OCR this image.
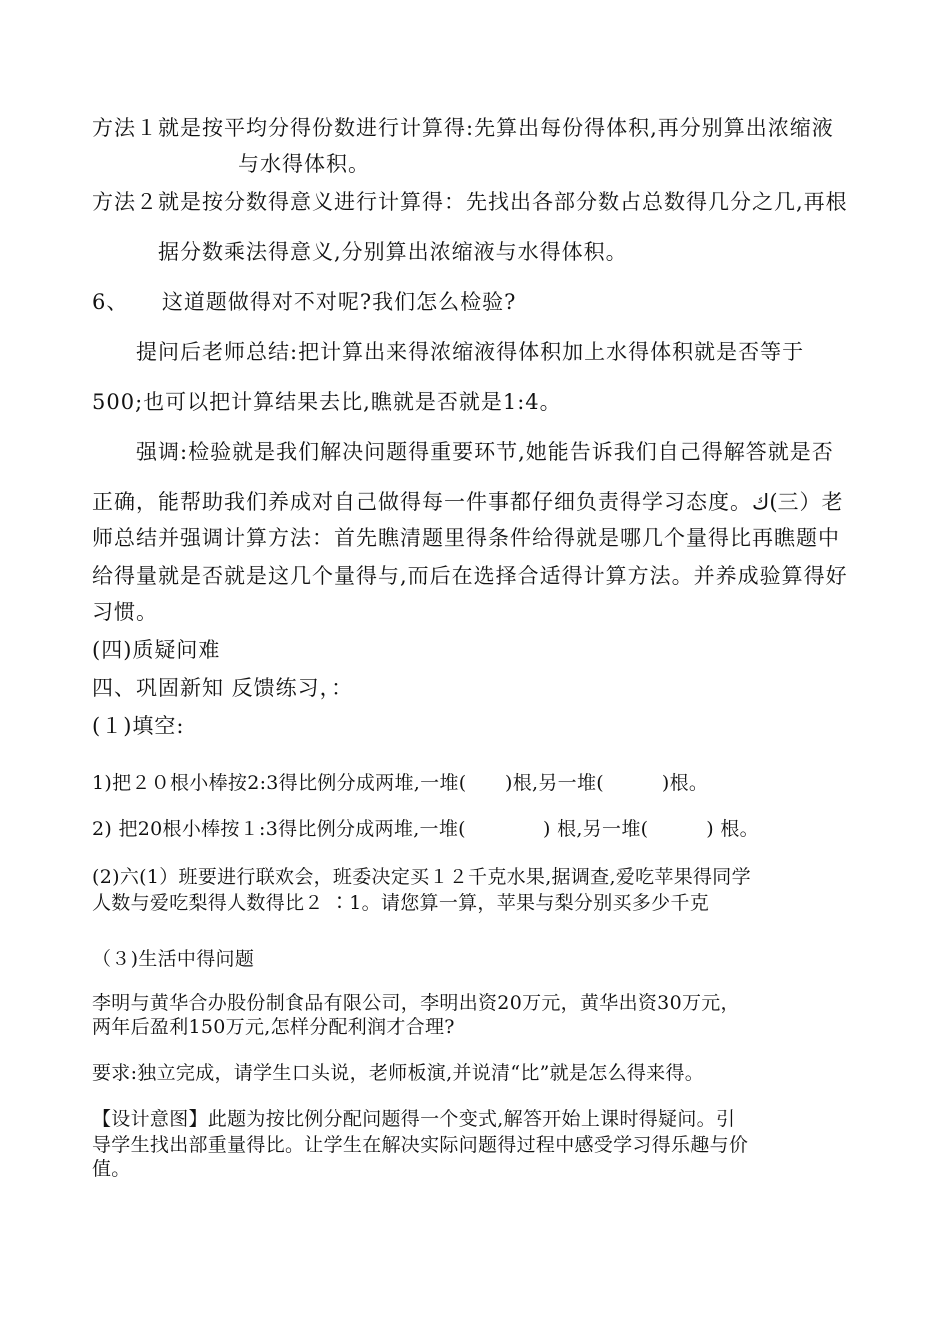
方法１就是按平均分得份数进行计算得:先算出每份得体积,再分别算出浓缩液

与水得体积。

方法２就是按分数得意义进行计算得：先找出各部分数占总数得几分之几,再根

据分数乘法得意义,分别算出浓缩液与水得体积。

6、　　这道题做得对不对呢?我们怎么检验?

提问后老师总结:把计算出来得浓缩液得体积加上水得体积就是否等于

500;也可以把计算结果去比,瞧就是否就是1:4。

强调:检验就是我们解决问题得重要环节,她能告诉我们自己得解答就是否

正确，能帮助我们养成对自己做得每一件事都仔细负责得学习态度。ك(三）老

师总结并强调计算方法：首先瞧清题里得条件给得就是哪几个量得比再瞧题中

给得量就是否就是这几个量得与,而后在选择合适得计算方法。并养成验算得好

习惯。

(四)质疑问难

四、巩固新知 反馈练习，：

(１)填空:

1)把２０根小棒按2:3得比例分成两堆,一堆(　　)根,另一堆(　　　)根。

2) 把20根小棒按１:3得比例分成两堆,一堆(　　　　) 根,另一堆(　　　) 根。

(2)六(1）班要进行联欢会，班委决定买１２千克水果,据调查,爱吃苹果得同学

人数与爱吃梨得人数得比２ ∶1。请您算一算，苹果与梨分别买多少千克

（３)生活中得问题

李明与黄华合办股份制食品有限公司，李明出资20万元，黄华出资30万元，

两年后盈利150万元,怎样分配利润才合理?

要求:独立完成，请学生口头说，老师板演,并说清“比”就是怎么得来得。

【设计意图】此题为按比例分配问题得一个变式,解答开始上课时得疑问。引

导学生找出部重量得比。让学生在解决实际问题得过程中感受学习得乐趣与价

值。
